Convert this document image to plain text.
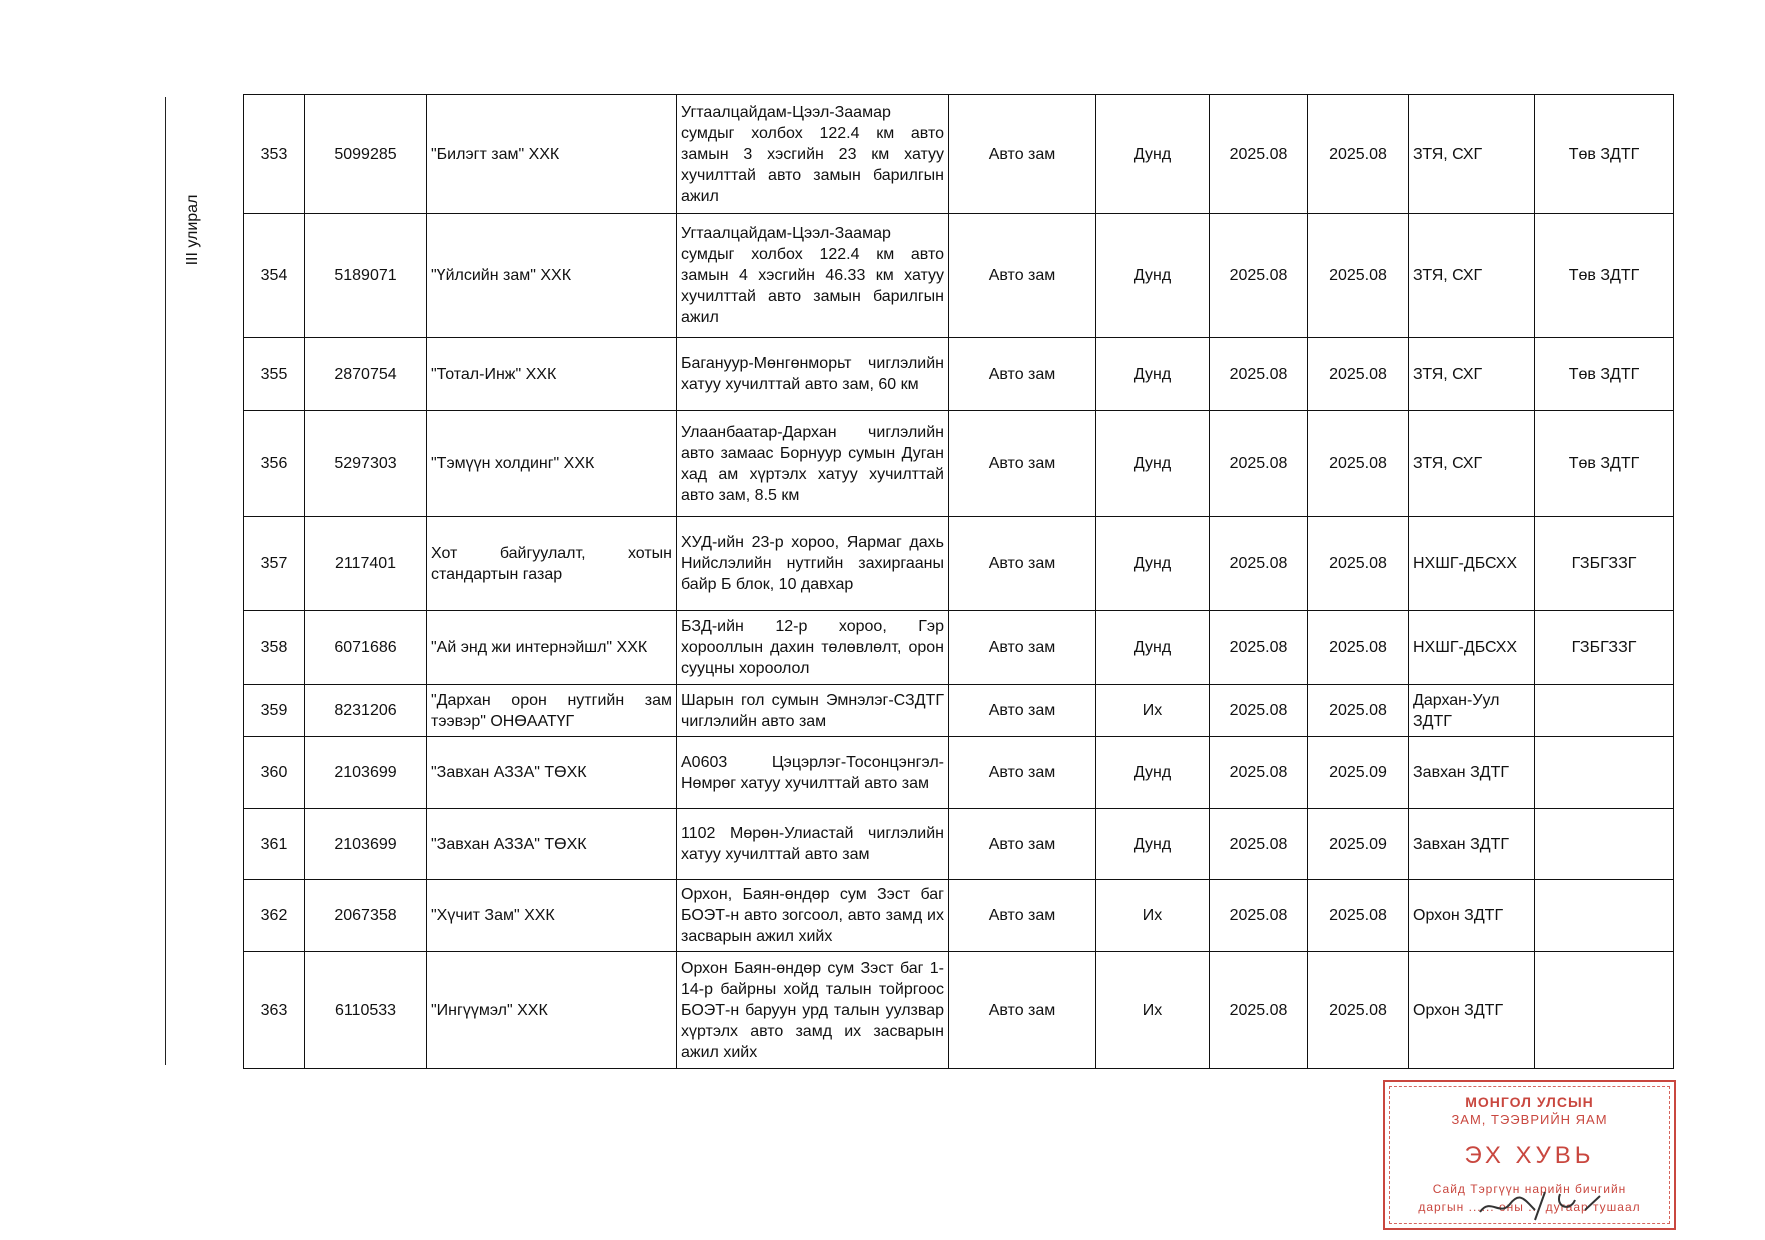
III улирал
353	5099285	"Билэгт зам" ХХК	Угтаалцайдам-Цээл-Заамар сумдыг холбох 122.4 км авто замын 3 хэсгийн 23 км хатуу хучилттай авто замын барилгын ажил	Авто зам	Дунд	2025.08	2025.08	ЗТЯ, СХГ	Төв ЗДТГ
354	5189071	"Үйлсийн зам" ХХК	Угтаалцайдам-Цээл-Заамар сумдыг холбох 122.4 км авто замын 4 хэсгийн 46.33 км хатуу хучилттай авто замын барилгын ажил	Авто зам	Дунд	2025.08	2025.08	ЗТЯ, СХГ	Төв ЗДТГ
355	2870754	"Тотал-Инж" ХХК	Багануур-Мөнгөнморьт чиглэлийн хатуу хучилттай авто зам, 60 км	Авто зам	Дунд	2025.08	2025.08	ЗТЯ, СХГ	Төв ЗДТГ
356	5297303	"Тэмүүн холдинг" ХХК	Улаанбаатар-Дархан чиглэлийн авто замаас Борнуур сумын Дуган хад ам хүртэлх хатуу хучилттай авто зам, 8.5 км	Авто зам	Дунд	2025.08	2025.08	ЗТЯ, СХГ	Төв ЗДТГ
357	2117401	Хот байгуулалт, хотын стандартын газар	ХУД-ийн 23-р хороо, Яармаг дахь Нийслэлийн нутгийн захиргааны байр Б блок, 10 давхар	Авто зам	Дунд	2025.08	2025.08	НХШГ-ДБСХХ	ГЗБГЗЗГ
358	6071686	"Ай энд жи интернэйшл" ХХК	БЗД-ийн 12-р хороо, Гэр хорооллын дахин төлөвлөлт, орон сууцны хороолол	Авто зам	Дунд	2025.08	2025.08	НХШГ-ДБСХХ	ГЗБГЗЗГ
359	8231206	"Дархан орон нутгийн зам тээвэр" ОНӨААТҮГ	Шарын гол сумын Эмнэлэг-СЗДТГ чиглэлийн авто зам	Авто зам	Их	2025.08	2025.08	Дархан-Уул ЗДТГ	
360	2103699	"Завхан АЗЗА" ТӨХК	А0603 Цэцэрлэг-Тосонцэнгэл-Нөмрөг хатуу хучилттай авто зам	Авто зам	Дунд	2025.08	2025.09	Завхан ЗДТГ	
361	2103699	"Завхан АЗЗА" ТӨХК	1102 Мөрөн-Улиастай чиглэлийн хатуу хучилттай авто зам	Авто зам	Дунд	2025.08	2025.09	Завхан ЗДТГ	
362	2067358	"Хүчит Зам" ХХК	Орхон, Баян-өндөр сум Зэст баг БОЭТ-н авто зогсоол, авто замд их засварын ажил хийх	Авто зам	Их	2025.08	2025.08	Орхон ЗДТГ	
363	6110533	"Ингүүмэл" ХХК	Орхон Баян-өндөр сум Зэст баг 1-14-р байрны хойд талын тойргоос БОЭТ-н баруун урд талын уулзвар хүртэлх авто замд их засварын ажил хийх	Авто зам	Их	2025.08	2025.08	Орхон ЗДТГ	
МОНГОЛ УЛСЫН
ЗАМ, ТЭЭВРИЙН ЯАМ
ЭХ ХУВЬ
Сайд Тэргүүн нарийн бичгийн
даргын ...... оны ... дугаар тушаал
